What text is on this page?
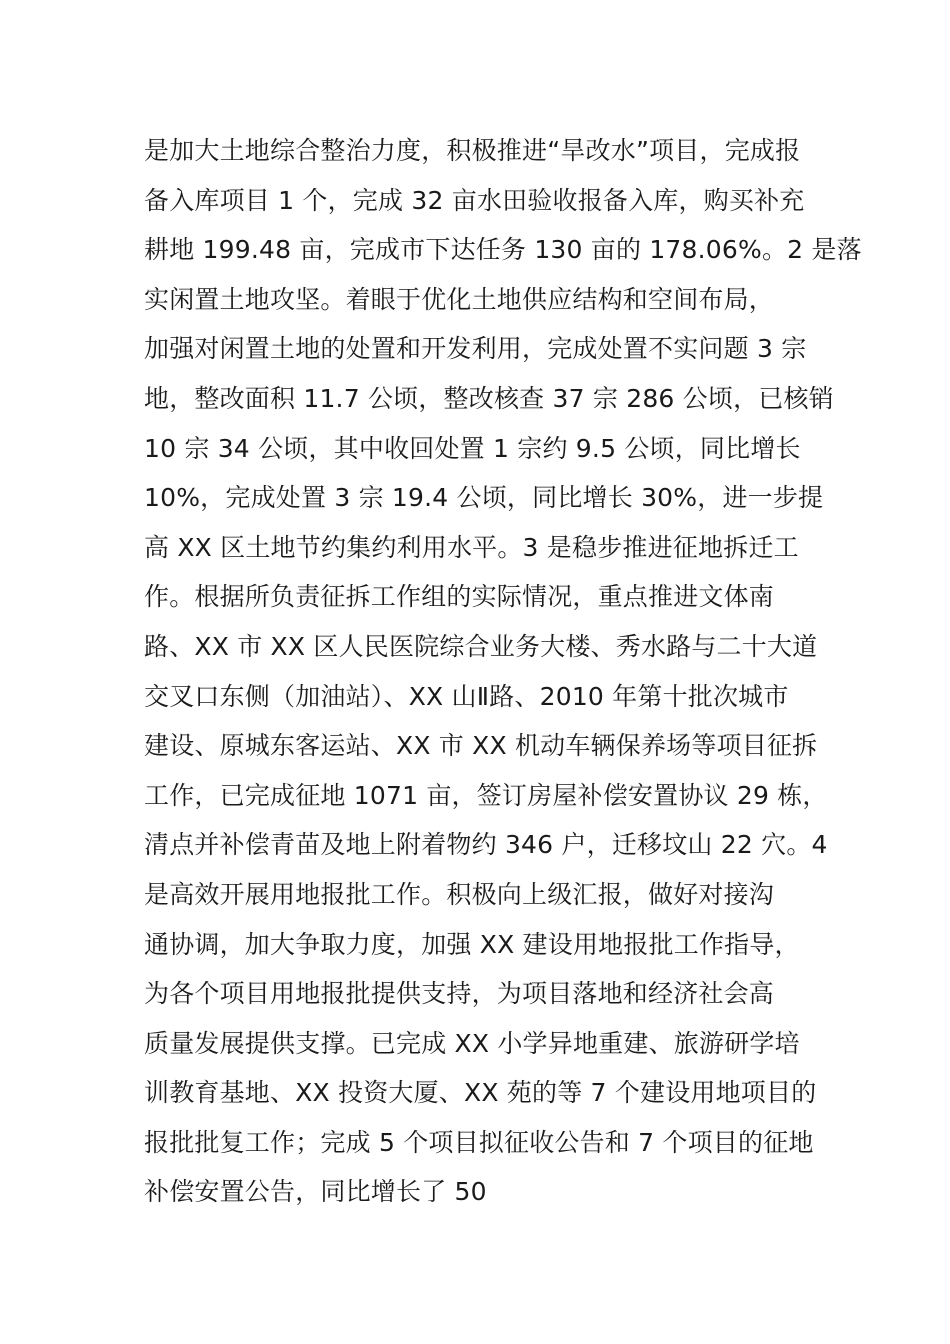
是加大土地综合整治力度，积极推进“旱改水”项目，完成报
备入库项目 1 个，完成 32 亩水田验收报备入库，购买补充
耕地 199.48 亩，完成市下达任务 130 亩的 178.06%。2 是落
实闲置土地攻坚。着眼于优化土地供应结构和空间布局，
加强对闲置土地的处置和开发利用，完成处置不实问题 3 宗
地，整改面积 11.7 公顷，整改核查 37 宗 286 公顷，已核销
10 宗 34 公顷，其中收回处置 1 宗约 9.5 公顷，同比增长
10%，完成处置 3 宗 19.4 公顷，同比增长 30%，进一步提
高 XX 区土地节约集约利用水平。3 是稳步推进征地拆迁工
作。根据所负责征拆工作组的实际情况，重点推进文体南
路、XX 市 XX 区人民医院综合业务大楼、秀水路与二十大道
交叉口东侧（加油站）、XX 山Ⅱ路、2010 年第十批次城市
建设、原城东客运站、XX 市 XX 机动车辆保养场等项目征拆
工作，已完成征地 1071 亩，签订房屋补偿安置协议 29 栋，
清点并补偿青苗及地上附着物约 346 户，迁移坟山 22 穴。4
是高效开展用地报批工作。积极向上级汇报，做好对接沟
通协调，加大争取力度，加强 XX 建设用地报批工作指导，
为各个项目用地报批提供支持，为项目落地和经济社会高
质量发展提供支撑。已完成 XX 小学异地重建、旅游研学培
训教育基地、XX 投资大厦、XX 苑的等 7 个建设用地项目的
报批批复工作；完成 5 个项目拟征收公告和 7 个项目的征地
补偿安置公告，同比增长了 50
